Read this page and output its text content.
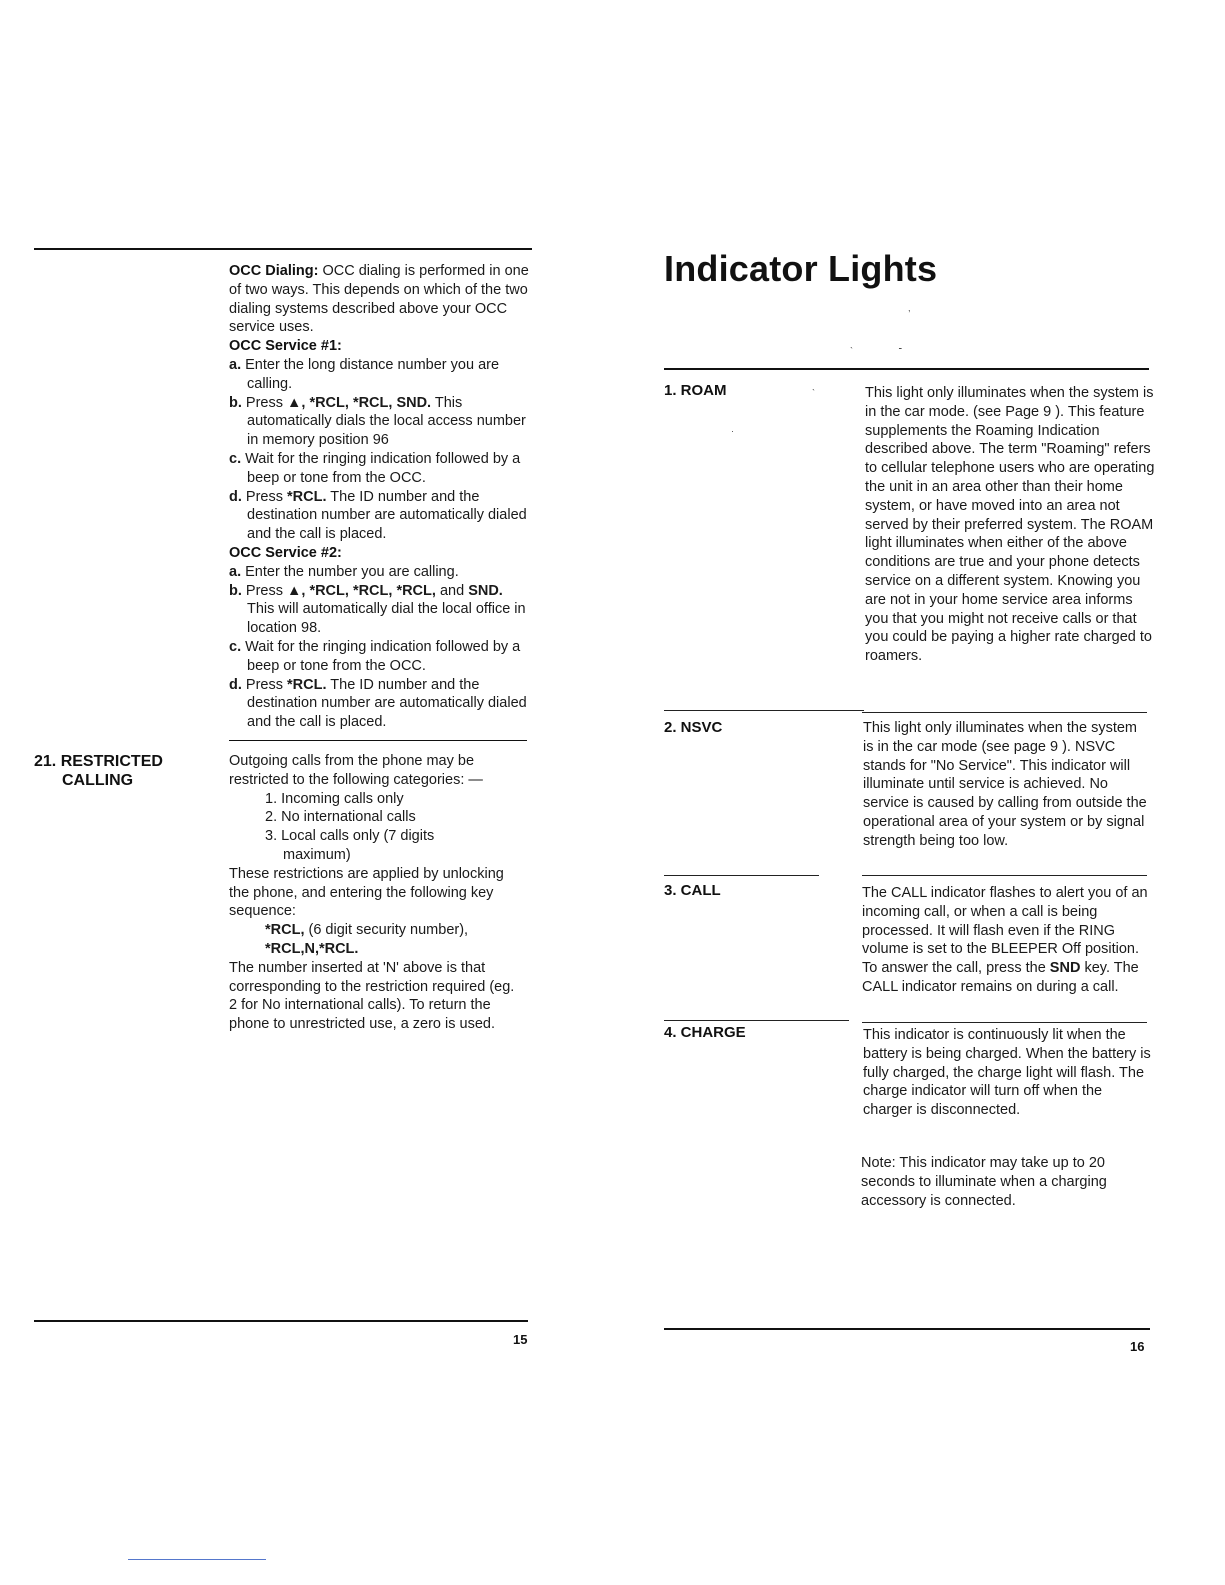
OCC Dialing: OCC dialing is performed in one of two ways. This depends on which of the two dialing systems described above your OCC service uses.

OCC Service #1:

a. Enter the long distance number you are calling.

b. Press ▲, *RCL, *RCL, SND. This automatically dials the local access number in memory position 96

c. Wait for the ringing indication followed by a beep or tone from the OCC.

d. Press *RCL. The ID number and the destination number are automatically dialed and the call is placed.

OCC Service #2:

a. Enter the number you are calling.

b. Press ▲, *RCL, *RCL, *RCL, and SND. This will automatically dial the local office in location 98.

c. Wait for the ringing indication followed by a beep or tone from the OCC.

d. Press *RCL. The ID number and the destination number are automatically dialed and the call is placed.

21. RESTRICTED
CALLING

Outgoing calls from the phone may be restricted to the following categories: —

1. Incoming calls only

2. No international calls

3. Local calls only (7 digits

maximum)

These restrictions are applied by unlocking the phone, and entering the following key sequence:

*RCL, (6 digit security number),

*RCL,N,*RCL.

The number inserted at 'N' above is that corresponding to the restriction required (eg. 2 for No international calls). To return the phone to unrestricted use, a zero is used.

15
Indicator Lights
1. ROAM	This light only illuminates when the system is in the car mode. (see Page 9 ). This feature supplements the Roaming Indication described above. The term "Roaming" refers to cellular telephone users who are operating the unit in an area other than their home system, or have moved into an area not served by their preferred system. The ROAM light illuminates when either of the above conditions are true and your phone detects service on a different system. Knowing you are not in your home service area informs you that you might not receive calls or that you could be paying a higher rate charged to roamers.
2. NSVC	This light only illuminates when the system is in the car mode (see page 9 ). NSVC stands for "No Service". This indicator will illuminate until service is achieved. No service is caused by calling from outside the operational area of your system or by signal strength being too low.
3. CALL	The CALL indicator flashes to alert you of an incoming call, or when a call is being processed. It will flash even if the RING volume is set to the BLEEPER Off position. To answer the call, press the SND key. The CALL indicator remains on during a call.
4. CHARGE	This indicator is continuously lit when the battery is being charged. When the battery is fully charged, the charge light will flash. The charge indicator will turn off when the charger is disconnected.
Note: This indicator may take up to 20 seconds to illuminate when a charging accessory is connected.
16
,
`	⁃
`
·
